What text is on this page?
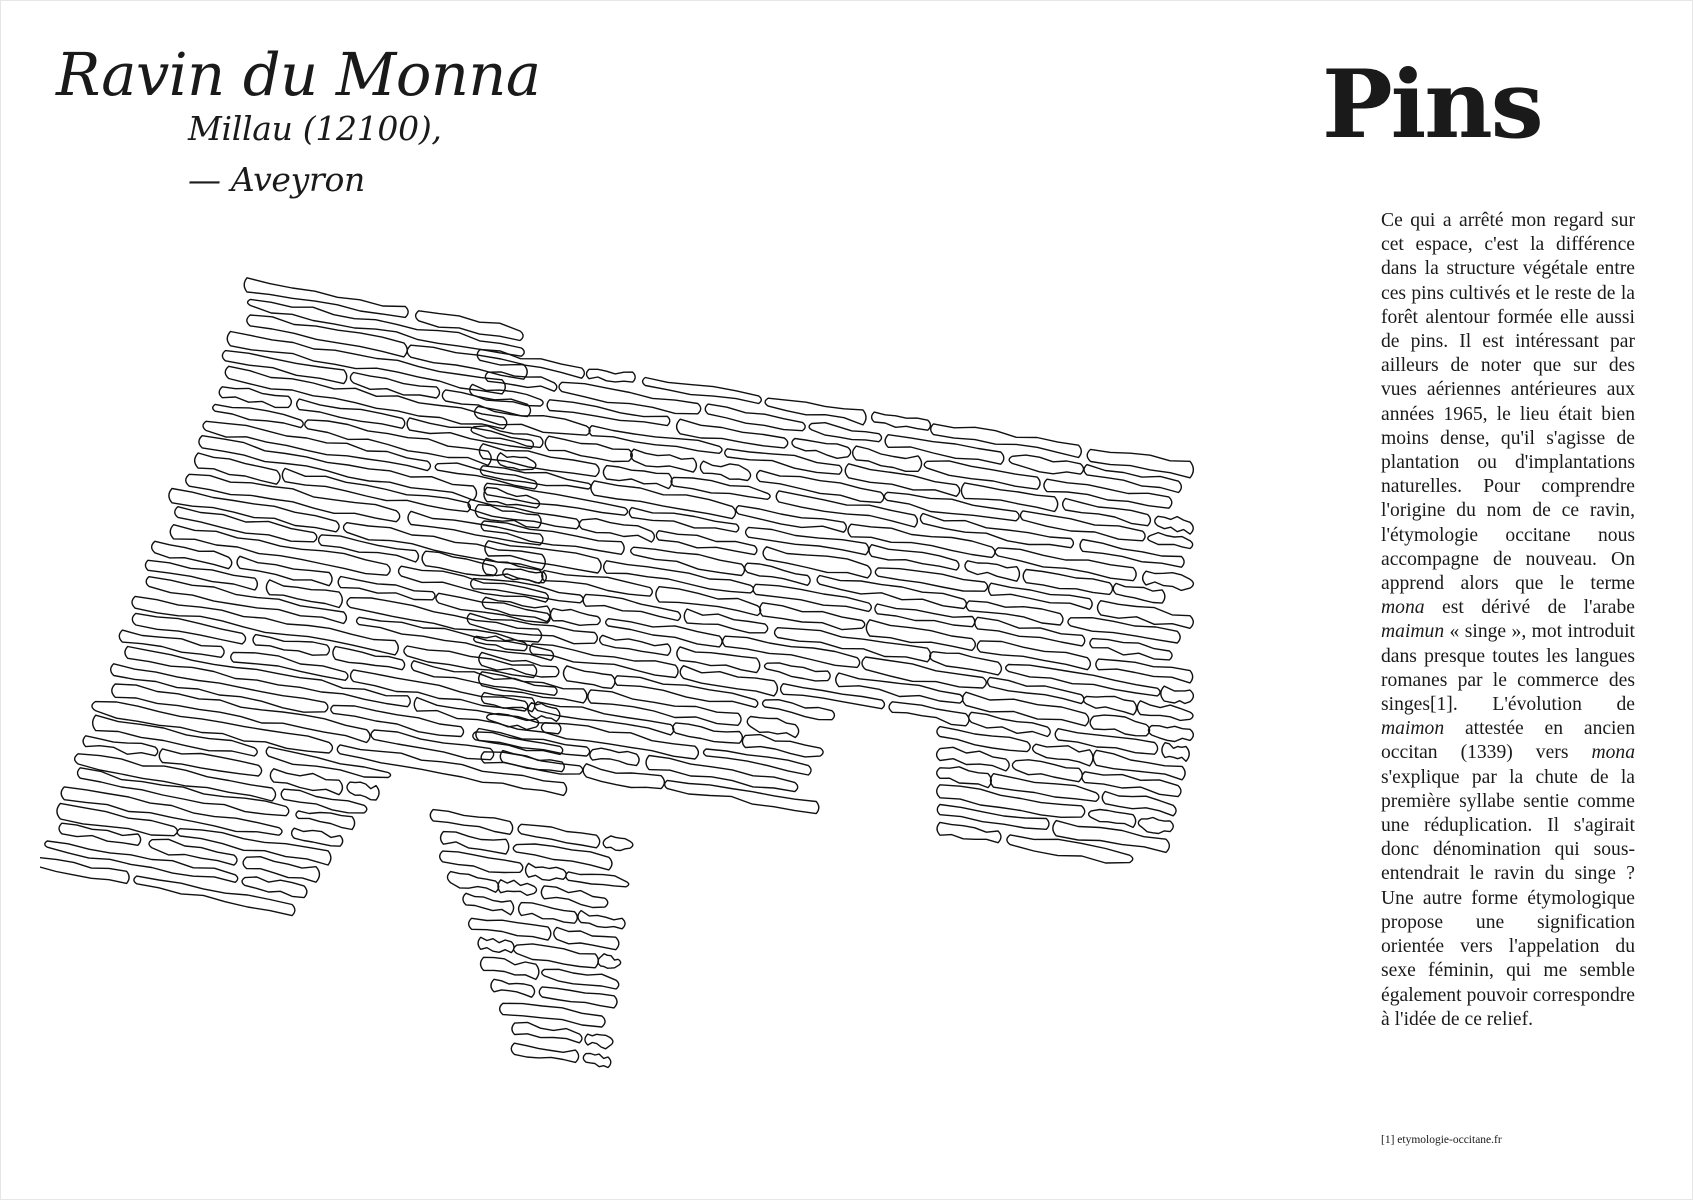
Ravin du Monna
Millau (12100),
— Aveyron
Pins

Ce qui a arrêté mon regard sur cet espace, c'est la différence dans la structure végétale entre ces pins cultivés et le reste de la forêt alentour formée elle aussi de pins. Il est intéressant par ailleurs de noter que sur des vues aériennes antérieures aux années 1965, le lieu était bien moins dense, qu'il s'agisse de plantation ou d'implantations naturelles. Pour comprendre l'origine du nom de ce ravin, l'étymologie occitane nous accompagne de nouveau. On apprend alors que le terme mona est dérivé de l'arabe maimun « singe », mot introduit dans presque toutes les langues romanes par le commerce des singes[1]. L'évolution de maimon attestée en ancien occitan (1339) vers mona s'explique par la chute de la première syllabe sentie comme une réduplication. Il s'agirait donc dénomination qui sous-entendrait le ravin du singe ? Une autre forme étymologique propose une signification orientée vers l'appelation du sexe féminin, qui me semble également pouvoir correspondre à l'idée de ce relief.

[1] etymologie-occitane.fr
